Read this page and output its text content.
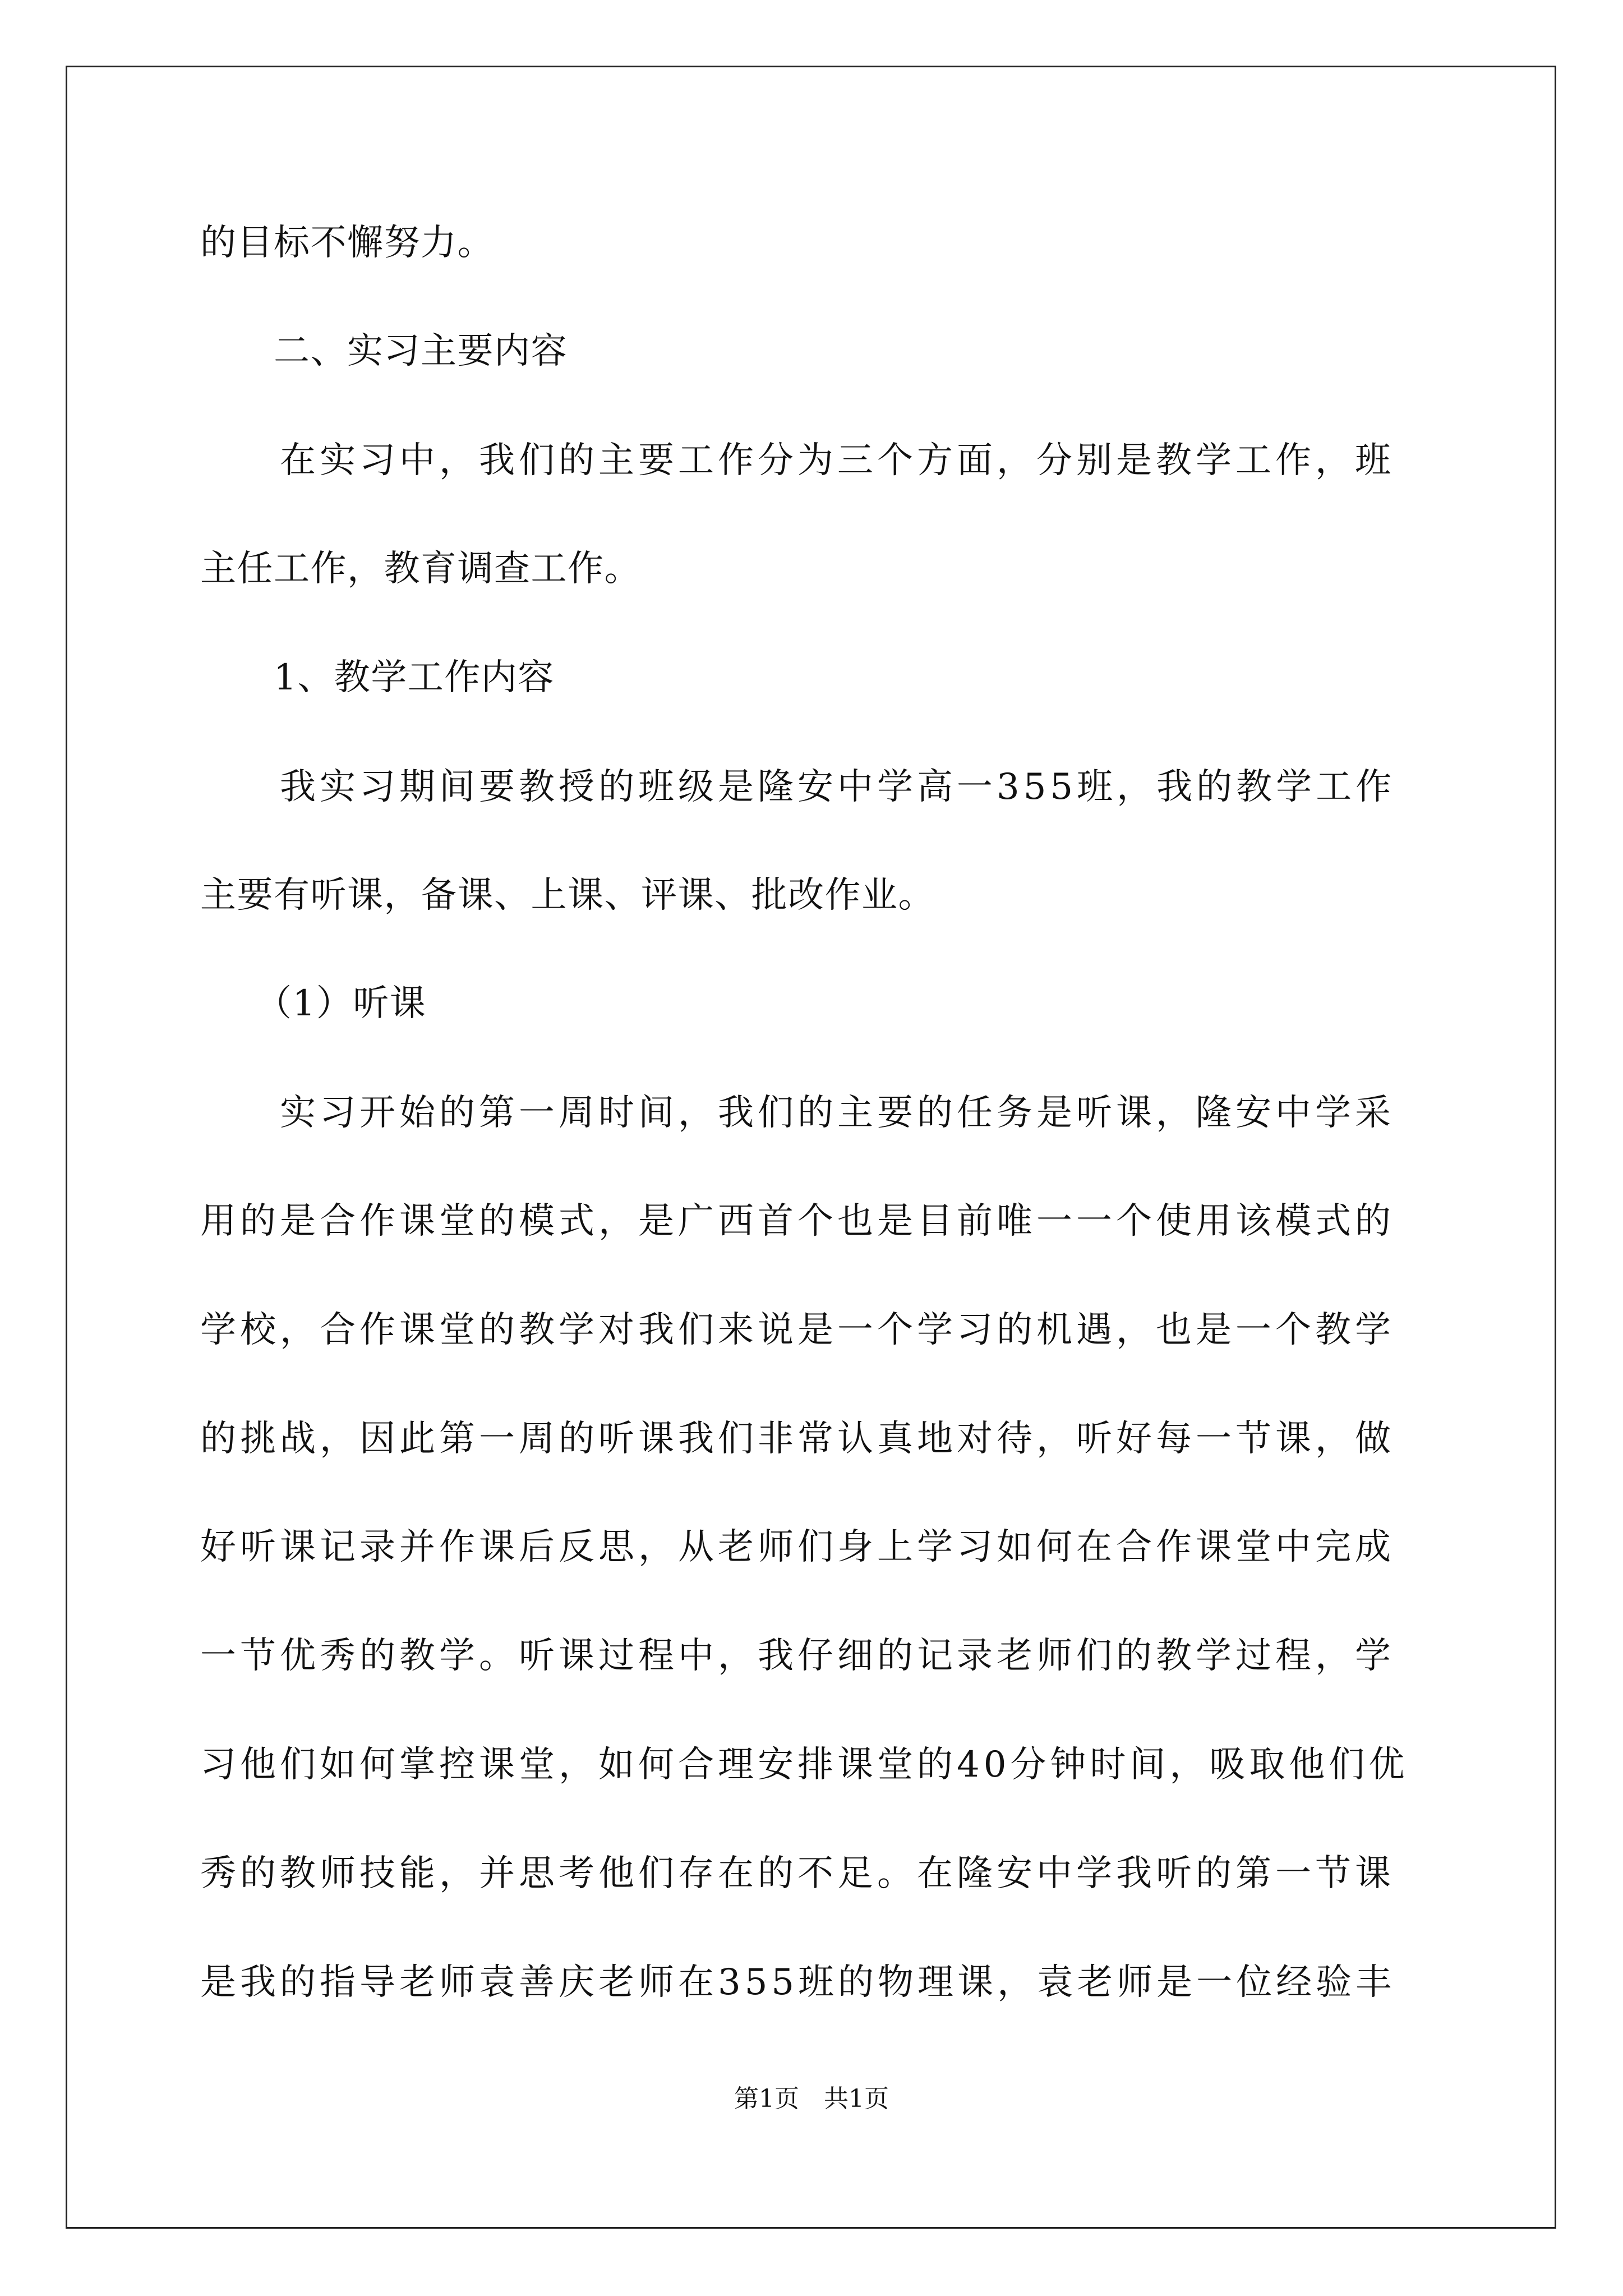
的目标不懈努力。
　　二、实习主要内容
　　在实习中，我们的主要工作分为三个方面，分别是教学工作，班
主任工作，教育调查工作。
　　1、教学工作内容
　　我实习期间要教授的班级是隆安中学高一355班，我的教学工作
主要有听课，备课、上课、评课、批改作业。
　　（1）听课
　　实习开始的第一周时间，我们的主要的任务是听课，隆安中学采
用的是合作课堂的模式，是广西首个也是目前唯一一个使用该模式的
学校，合作课堂的教学对我们来说是一个学习的机遇，也是一个教学
的挑战，因此第一周的听课我们非常认真地对待，听好每一节课，做
好听课记录并作课后反思，从老师们身上学习如何在合作课堂中完成
一节优秀的教学。听课过程中，我仔细的记录老师们的教学过程，学
习他们如何掌控课堂，如何合理安排课堂的40分钟时间，吸取他们优
秀的教师技能，并思考他们存在的不足。在隆安中学我听的第一节课
是我的指导老师袁善庆老师在355班的物理课，袁老师是一位经验丰
第1页　共1页
